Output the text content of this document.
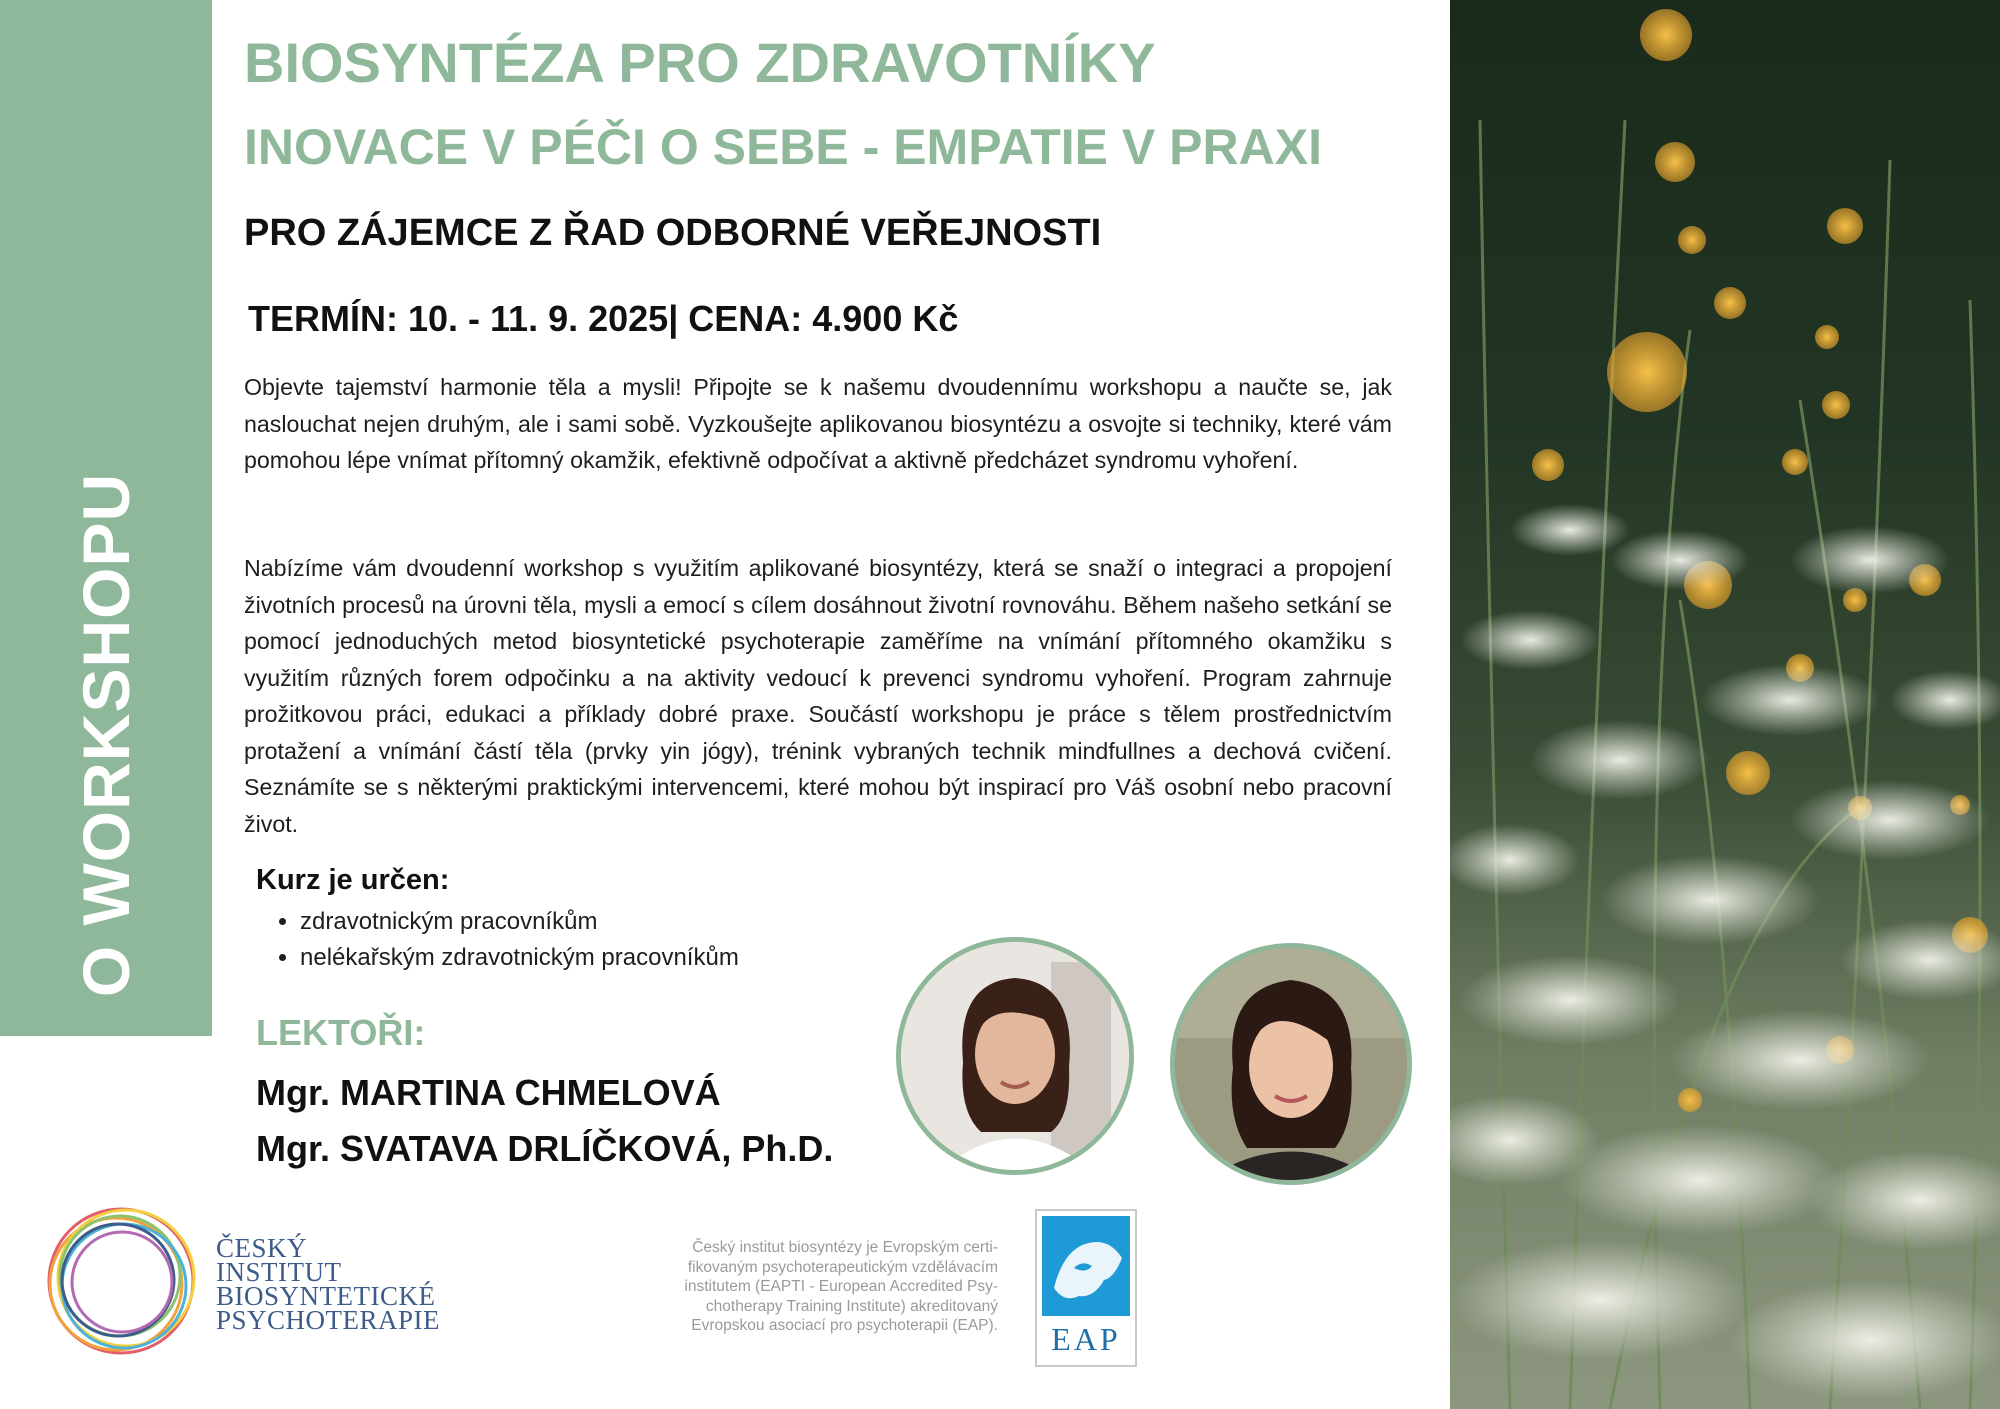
O WORKSHOPU
BIOSYNTÉZA PRO ZDRAVOTNÍKY
INOVACE V PÉČI O SEBE - EMPATIE V PRAXI
PRO ZÁJEMCE Z ŘAD ODBORNÉ VEŘEJNOSTI
TERMÍN: 10. - 11. 9. 2025| CENA: 4.900 Kč

Objevte tajemství harmonie těla a mysli! Připojte se k našemu dvoudennímu workshopu a naučte se, jak naslouchat nejen druhým, ale i sami sobě. Vyzkoušejte aplikovanou biosyntézu a osvojte si techniky, které vám pomohou lépe vnímat přítomný okamžik, efektivně odpočívat a aktivně předcházet syndromu vyhoření.

Nabízíme vám dvoudenní workshop s využitím aplikované biosyntézy, která se snaží o integraci a propojení životních procesů na úrovni těla, mysli a emocí s cílem dosáhnout životní rovnováhu. Během našeho setkání se pomocí jednoduchých metod biosyntetické psychoterapie zaměříme na vnímání přítomného okamžiku s využitím různých forem odpočinku a na aktivity vedoucí k prevenci syndromu vyhoření. Program zahrnuje prožitkovou práci, edukaci a příklady dobré praxe. Součástí workshopu je práce s tělem prostřednictvím protažení a vnímání částí těla (prvky yin jógy), trénink vybraných technik mindfullnes a dechová cvičení. Seznámíte se s některými praktickými intervencemi, které mohou být inspirací pro Váš osobní nebo pracovní život.

Kurz je určen:
• zdravotnickým pracovníkům
• nelékařským zdravotnickým pracovníkům
LEKTOŘI:
Mgr. MARTINA CHMELOVÁ
Mgr. SVATAVA DRLÍČKOVÁ, Ph.D.
ČESKÝ
INSTITUT
BIOSYNTETICKÉ
PSYCHOTERAPIE
Český institut biosyntézy je Evropským certi-
fikovaným psychoterapeutickým vzdělávacím
institutem (EAPTI - European Accredited Psy-
chotherapy Training Institute) akreditovaný
Evropskou asociací pro psychoterapii (EAP). EAP
